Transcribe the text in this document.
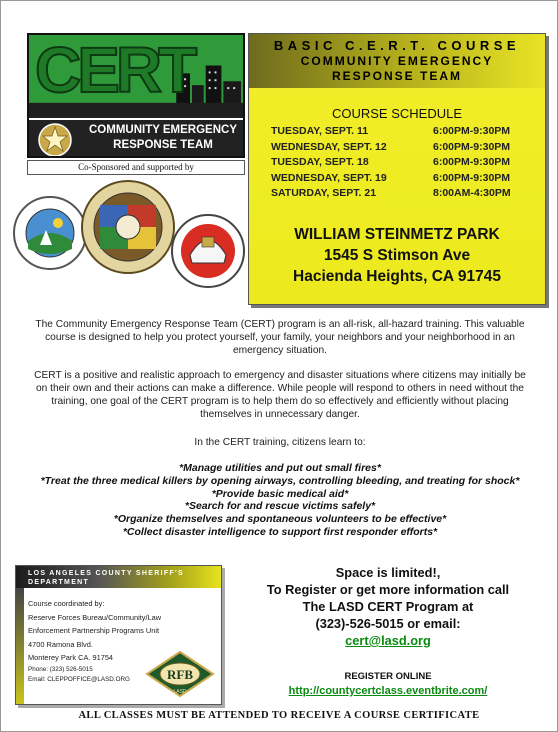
CERT
COMMUNITY EMERGENCY
RESPONSE TEAM
Co-Sponsored and supported by
BASIC C.E.R.T. COURSE
COMMUNITY EMERGENCY
RESPONSE TEAM
COURSE SCHEDULE
TUESDAY, SEPT. 11	6:00PM-9:30PM
WEDNESDAY, SEPT. 12	6:00PM-9:30PM
TUESDAY, SEPT. 18	6:00PM-9:30PM
WEDNESDAY, SEPT. 19	6:00PM-9:30PM
SATURDAY, SEPT. 21	8:00AM-4:30PM
WILLIAM STEINMETZ PARK
1545 S Stimson Ave
Hacienda Heights, CA 91745

The Community Emergency Response Team (CERT) program is an all-risk, all-hazard training. This valuable course is designed to help you protect yourself, your family, your neighbors and your neighborhood in an emergency situation.

CERT is a positive and realistic approach to emergency and disaster situations where citizens may initially be on their own and their actions can make a difference. While people will respond to others in need without the training, one goal of the CERT program is to help them do so effectively and efficiently without placing themselves in unnecessary danger.

In the CERT training, citizens learn to:

*Manage utilities and put out small fires*
*Treat the three medical killers by opening airways, controlling bleeding, and treating for shock*
*Provide basic medical aid*
*Search for and rescue victims safely*
*Organize themselves and spontaneous volunteers to be effective*
*Collect disaster intelligence to support first responder efforts*
LOS ANGELES COUNTY SHERIFF'S
DEPARTMENT
Course coordinated by:
Reserve Forces Bureau/Community/Law
Enforcement Partnership Programs Unit
4700 Ramona Blvd.
Monterey Park CA. 91754
Phone: (323) 526-5015
Email: CLEPPOFFICE@LASD.ORG	RFB
LASD
Space is limited!,
To Register or get more information call
The LASD CERT Program at
(323)-526-5015 or email:
cert@lasd.org
REGISTER ONLINE
http://countycertclass.eventbrite.com/
ALL CLASSES MUST BE ATTENDED TO RECEIVE A COURSE CERTIFICATE
